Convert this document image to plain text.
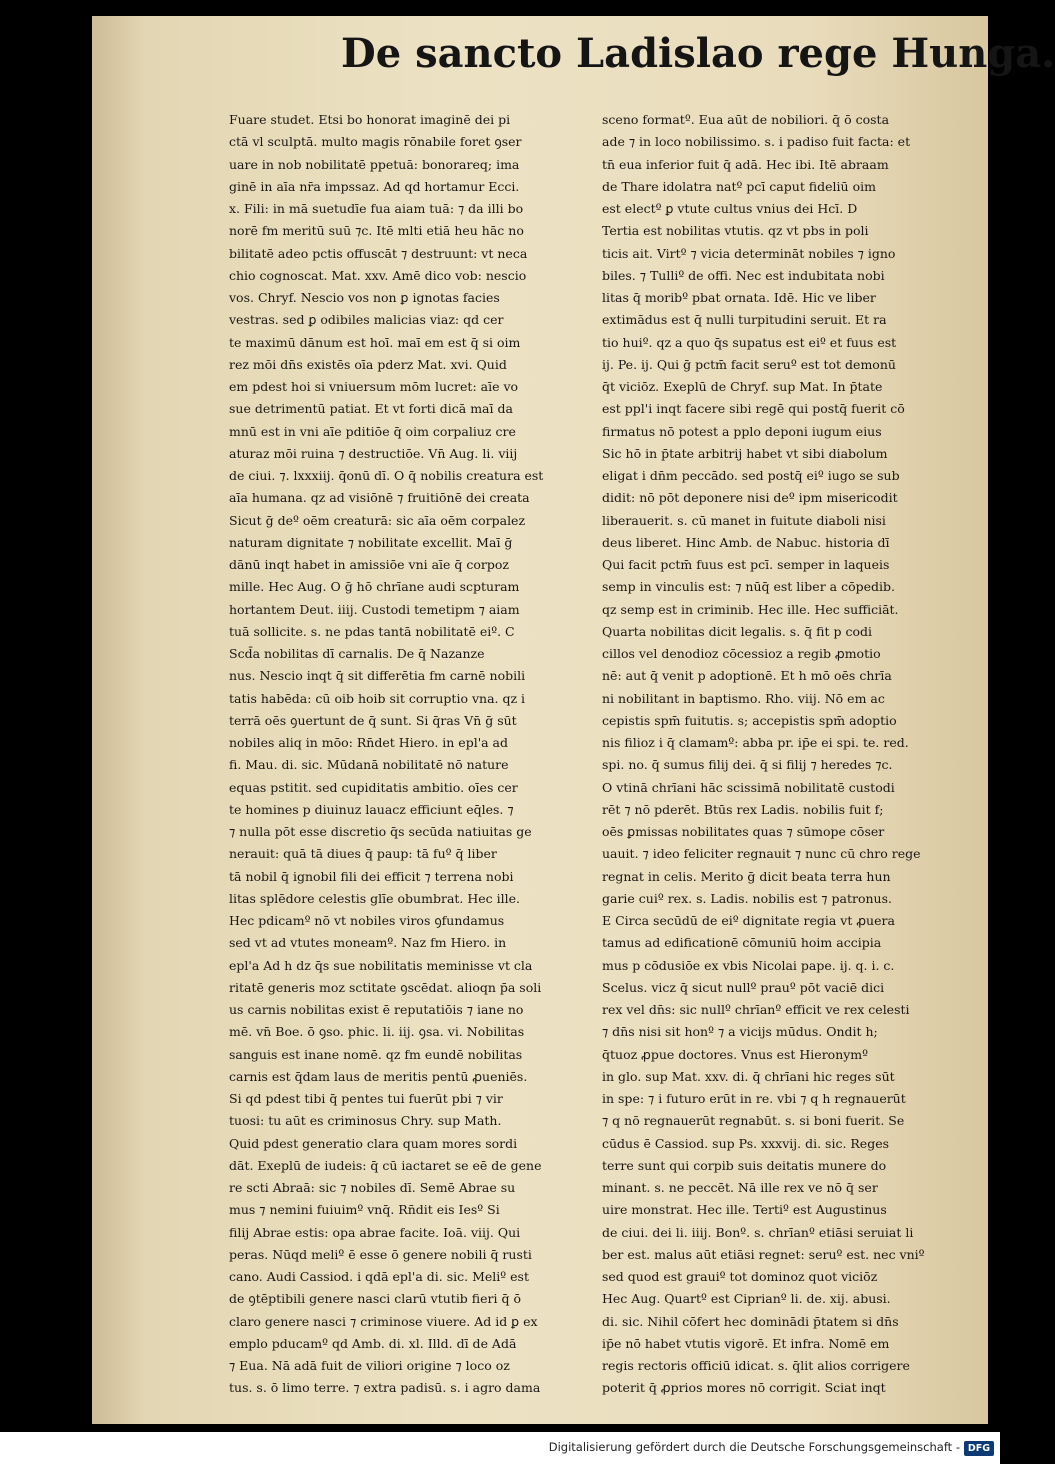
De sancto Ladislao rege Hunga.
Fuare studet. Etsi bo honorat imaginē dei pi
ctā vl sculptā. multo magis rōnabile foret ꝯser
uare in nob nobilitatē ppetuā: bonorareq; ima
ginē in aīa nr̄a impssaz. Ad qd hortamur Ecci.
x. Fili: in mā suetudīe fua aiam tuā: ⁊ da illi bo
norē fm meritū suū ⁊c. Itē mlti etiā heu hāc no
bilitatē adeo pctis offuscāt ⁊ destruunt: vt neca
chio cognoscat. Mat. xxv. Amē dico vob: nescio
vos. Chryf. Nescio vos non ꝑ ignotas facies
vestras. sed ꝑ odibiles malicias viaz: qd cer
te maximū dānum est hoī. maī em est q̄ si oim
rez mōi dn̄s existēs oīa pderz Mat. xvi. Quid
em pdest hoi si vniuersum mōm lucret: aīe vo
sue detrimentū patiat. Et vt forti dicā maī da
mnū est in vni aīe pditiōe q̄ oim corpaliuz cre
aturaz mōi ruina ⁊ destructiōe. Vn̄ Aug. li. viij
de ciui. ⁊. lxxxiij. q̄onū dī. O q̄ nobilis creatura est
aīa humana. qz ad visiōnē ⁊ fruitiōnē dei creata
Sicut ḡ deº oēm creaturā: sic aīa oēm corpalez
naturam dignitate ⁊ nobilitate excellit. Maī ḡ
dānū inqt habet in amissiōe vni aīe q̄ corpoz
mille. Hec Aug. O ḡ hō chrīane audi scpturam
hortantem Deut. iiij. Custodi temetipm ⁊ aiam
tuā sollicite. s. ne pdas tantā nobilitatē eiº. C
Scd̄a nobilitas dī carnalis. De q̄ Nazanze
nus. Nescio inqt q̄ sit differētia fm carnē nobili
tatis habēda: cū oib hoib sit corruptio vna. qz i
terrā oēs ꝯuertunt de q̄ sunt. Si q̄ras Vn̄ ḡ sūt
nobiles aliq in mōo: Rn̄det Hiero. in epl'a ad
fi. Mau. di. sic. Mūdanā nobilitatē nō nature
equas pstitit. sed cupiditatis ambitio. oīes cer
te homines p diuinuz lauacz efficiunt eq̄les. ⁊
⁊ nulla pōt esse discretio q̄s secūda natiuitas ge
nerauit: quā tā diues q̄ paup: tā fuº q̄ liber
tā nobil q̄ ignobil fili dei efficit ⁊ terrena nobi
litas splēdore celestis glīe obumbrat. Hec ille.
Hec pdicamº nō vt nobiles viros ꝯfundamus
sed vt ad vtutes moneamº. Naz fm Hiero. in
epl'a Ad h dz q̄s sue nobilitatis meminisse vt cla
ritatē generis moz sctitate ꝯscēdat. alioqn p̄a soli
us carnis nobilitas exist ē reputatiōis ⁊ iane no
mē. vn̄ Boe. ō ꝯso. phic. li. iij. ꝯsa. vi. Nobilitas
sanguis est inane nomē. qz fm eundē nobilitas
carnis est q̄dam laus de meritis pentū ꝓueniēs.
Si qd pdest tibi q̄ pentes tui fuerūt pbi ⁊ vir
tuosi: tu aūt es criminosus Chry. sup Math.
Quid pdest generatio clara quam mores sordi
dāt. Exeplū de iudeis: q̄ cū iactaret se eē de gene
re scti Abraā: sic ⁊ nobiles dī. Semē Abrae su
mus ⁊ nemini fuiuimº vnq̄. Rn̄dit eis Iesº Si
filij Abrae estis: opa abrae facite. Ioā. viij. Qui
peras. Nūqd meliº ē esse ō genere nobili q̄ rusti
cano. Audi Cassiod. i qdā epl'a di. sic. Meliº est
de ꝯtēptibili genere nasci clarū vtutib fieri q̄ ō
claro genere nasci ⁊ criminose viuere. Ad id ꝑ ex
emplo pducamº qd Amb. di. xl. Illd. dī de Adā
⁊ Eua. Nā adā fuit de viliori origine ⁊ loco oz
tus. s. ō limo terre. ⁊ extra padisū. s. i agro dama
sceno formatº. Eua aūt de nobiliori. q̄ ō costa
ade ⁊ in loco nobilissimo. s. i padiso fuit facta: et
tn̄ eua inferior fuit q̄ adā. Hec ibi. Itē abraam
de Thare idolatra natº pcī caput fideliū oim
est electº ꝑ vtute cultus vnius dei Hcī. D
Tertia est nobilitas vtutis. qz vt pbs in poli
ticis ait. Virtº ⁊ vicia determināt nobiles ⁊ igno
biles. ⁊ Tulliº de offi. Nec est indubitata nobi
litas q̄ moribº pbat ornata. Idē. Hic ve liber
extimādus est q̄ nulli turpitudini seruit. Et ra
tio huiº. qz a quo q̄s supatus est eiº et fuus est
ij. Pe. ij. Qui ḡ pctm̄ facit seruº est tot demonū
q̄t viciōz. Exeplū de Chryf. sup Mat. In p̄tate
est ppl'i inqt facere sibi regē qui postq̄ fuerit cō
firmatus nō potest a pplo deponi iugum eius
Sic hō in p̄tate arbitrij habet vt sibi diabolum
eligat i dn̄m peccādo. sed postq̄ eiº iugo se sub
didit: nō pōt deponere nisi deº ipm misericodit
liberauerit. s. cū manet in fuitute diaboli nisi
deus liberet. Hinc Amb. de Nabuc. historia dī
Qui facit pctm̄ fuus est pcī. semper in laqueis
semp in vinculis est: ⁊ nūq̄ est liber a cōpedib.
qz semp est in criminib. Hec ille. Hec sufficiāt.
Quarta nobilitas dicit legalis. s. q̄ fit p codi
cillos vel denodioz cōcessioz a regib ꝓmotio
nē: aut q̄ venit p adoptionē. Et h mō oēs chrīa
ni nobilitant in baptismo. Rho. viij. Nō em ac
cepistis spm̄ fuitutis. s; accepistis spm̄ adoptio
nis filioz i q̄ clamamº: abba pr. ip̄e ei spi. te. red.
spi. no. q̄ sumus filij dei. q̄ si filij ⁊ heredes ⁊c.
O vtinā chrīani hāc scissimā nobilitatē custodi
rēt ⁊ nō pderēt. Btūs rex Ladis. nobilis fuit f;
oēs ꝑmissas nobilitates quas ⁊ sūmope cōser
uauit. ⁊ ideo feliciter regnauit ⁊ nunc cū chro rege
regnat in celis. Merito ḡ dicit beata terra hun
garie cuiº rex. s. Ladis. nobilis est ⁊ patronus.
E Circa secūdū de eiº dignitate regia vt ꝓuera
tamus ad edificationē cōmuniū hoim accipia
mus p cōdusiōe ex vbis Nicolai pape. ij. q. i. c.
Scelus. vicz q̄ sicut nullº prauº pōt vaciē dici
rex vel dn̄s: sic nullº chrīanº efficit ve rex celesti
⁊ dn̄s nisi sit honº ⁊ a vicijs mūdus. Ondit h;
q̄tuoz ꝓpue doctores. Vnus est Hieronymº
in glo. sup Mat. xxv. di. q̄ chrīani hic reges sūt
in spe: ⁊ i futuro erūt in re. vbi ⁊ q h regnauerūt
⁊ q nō regnauerūt regnabūt. s. si boni fuerit. Se
cūdus ē Cassiod. sup Ps. xxxvij. di. sic. Reges
terre sunt qui corpib suis deitatis munere do
minant. s. ne peccēt. Nā ille rex ve nō q̄ ser
uire monstrat. Hec ille. Tertiº est Augustinus
de ciui. dei li. iiij. Bonº. s. chrīanº etiāsi seruiat li
ber est. malus aūt etiāsi regnet: seruº est. nec vniº
sed quod est grauiº tot dominoz quot viciōz
Hec Aug. Quartº est Ciprianº li. de. xij. abusi.
di. sic. Nihil cōfert hec dominādi p̄tatem si dn̄s
ip̄e nō habet vtutis vigorē. Et infra. Nomē em
regis rectoris officiū idicat. s. q̄lit alios corrigere
poterit q̄ ꝓprios mores nō corrigit. Sciat inqt
Digitalisierung gefördert durch die Deutsche Forschungsgemeinschaft - DFG
